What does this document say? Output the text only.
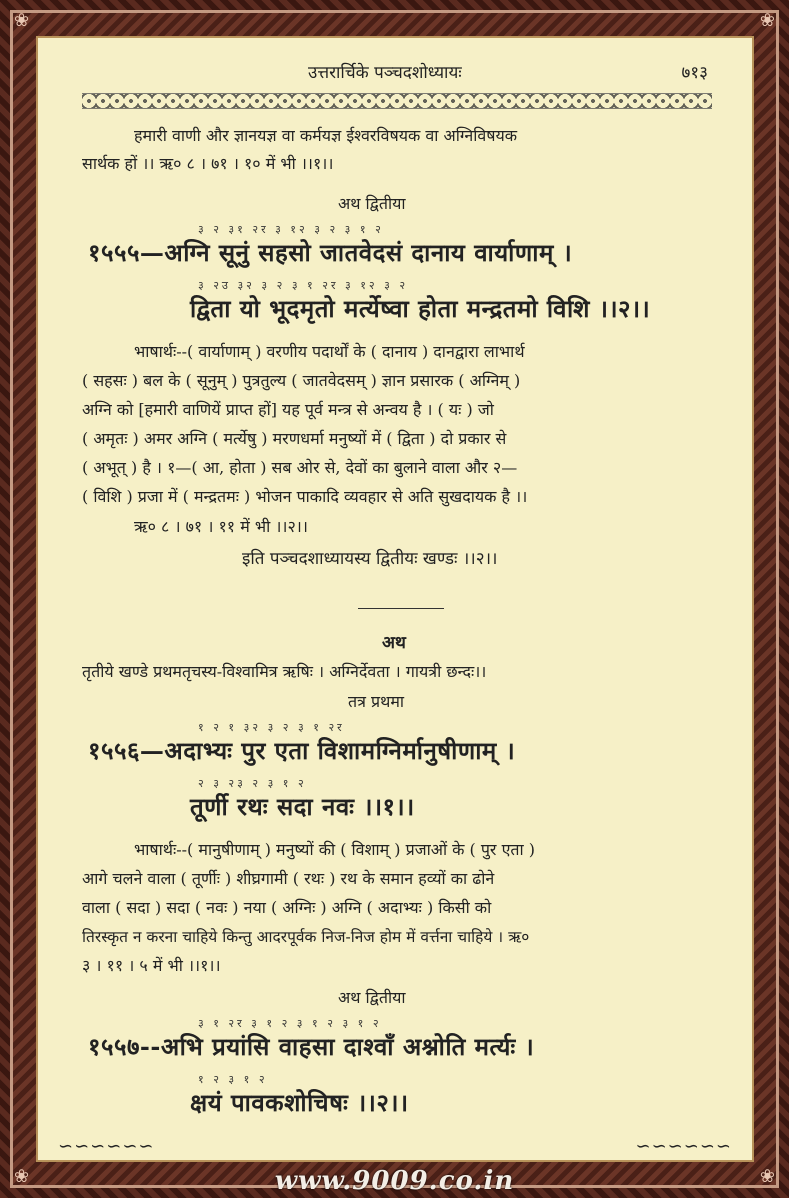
❀	❀
❀	❀
उत्तरार्चिके पञ्चदशोध्यायः	७१३
हमारी वाणी और ज्ञानयज्ञ वा कर्मयज्ञ ईश्वरविषयक वा अग्निविषयक
सार्थक हों ।। ऋ० ८ । ७१ । १० में भी ।।१।।
अथ द्वितीया
३ २ ३१ २र ३ १२ ३ २ ३ १ २
१५५५—अग्नि सूनुं सहसो जातवेदसं दानाय वार्याणाम् ।
३ २उ ३२ ३ २ ३ १ २र ३ १२ ३ २
द्विता यो भूदमृतो मर्त्येष्वा होता मन्द्रतमो विशि ।।२।।
भाषार्थः--( वार्याणाम् ) वरणीय पदार्थों के ( दानाय ) दानद्वारा लाभार्थ
( सहसः ) बल के ( सूनुम् ) पुत्रतुल्य ( जातवेदसम् ) ज्ञान प्रसारक ( अग्निम् )
अग्नि को [हमारी वाणियें प्राप्त हों] यह पूर्व मन्त्र से अन्वय है । ( यः ) जो
( अमृतः ) अमर अग्नि ( मर्त्येषु ) मरणधर्मा मनुष्यों में ( द्विता ) दो प्रकार से
( अभूत् ) है । १—( आ, होता ) सब ओर से, देवों का बुलाने वाला और २—
( विशि ) प्रजा में ( मन्द्रतमः ) भोजन पाकादि व्यवहार से अति सुखदायक है ।।
ऋ० ८ । ७१ । ११ में भी ।।२।।
इति पञ्चदशाध्यायस्य द्वितीयः खण्डः ।।२।।
अथ
तृतीये खण्डे प्रथमतृचस्य-विश्वामित्र ऋषिः । अग्निर्देवता । गायत्री छन्दः।।
तत्र प्रथमा
१ २ १ ३२ ३ २ ३ १ २र
१५५६—अदाभ्यः पुर एता विशामग्निर्मानुषीणाम् ।
२ ३ २३ २ ३ १ २
तूर्णी रथः सदा नवः ।।१।।
भाषार्थः--( मानुषीणाम् ) मनुष्यों की ( विशाम् ) प्रजाओं के ( पुर एता )
आगे चलने वाला ( तूर्णीः ) शीघ्रगामी ( रथः ) रथ के समान हव्यों का ढोने
वाला ( सदा ) सदा ( नवः ) नया ( अग्निः ) अग्नि ( अदाभ्यः ) किसी को
तिरस्कृत न करना चाहिये किन्तु आदरपूर्वक निज-निज होम में वर्त्तना चाहिये । ऋ०
३ । ११ । ५ में भी ।।१।।
अथ द्वितीया
३ १ २र ३ १ २ ३ १ २ ३ १ २
१५५७--अभि प्रयांसि वाहसा दाश्वाँ अश्नोति मर्त्यः ।
१ २ ३ १ २
क्षयं पावकशोचिषः ।।२।।
∽∽∽∽∽∽	∽∽∽∽∽∽
www.9009.co.in
